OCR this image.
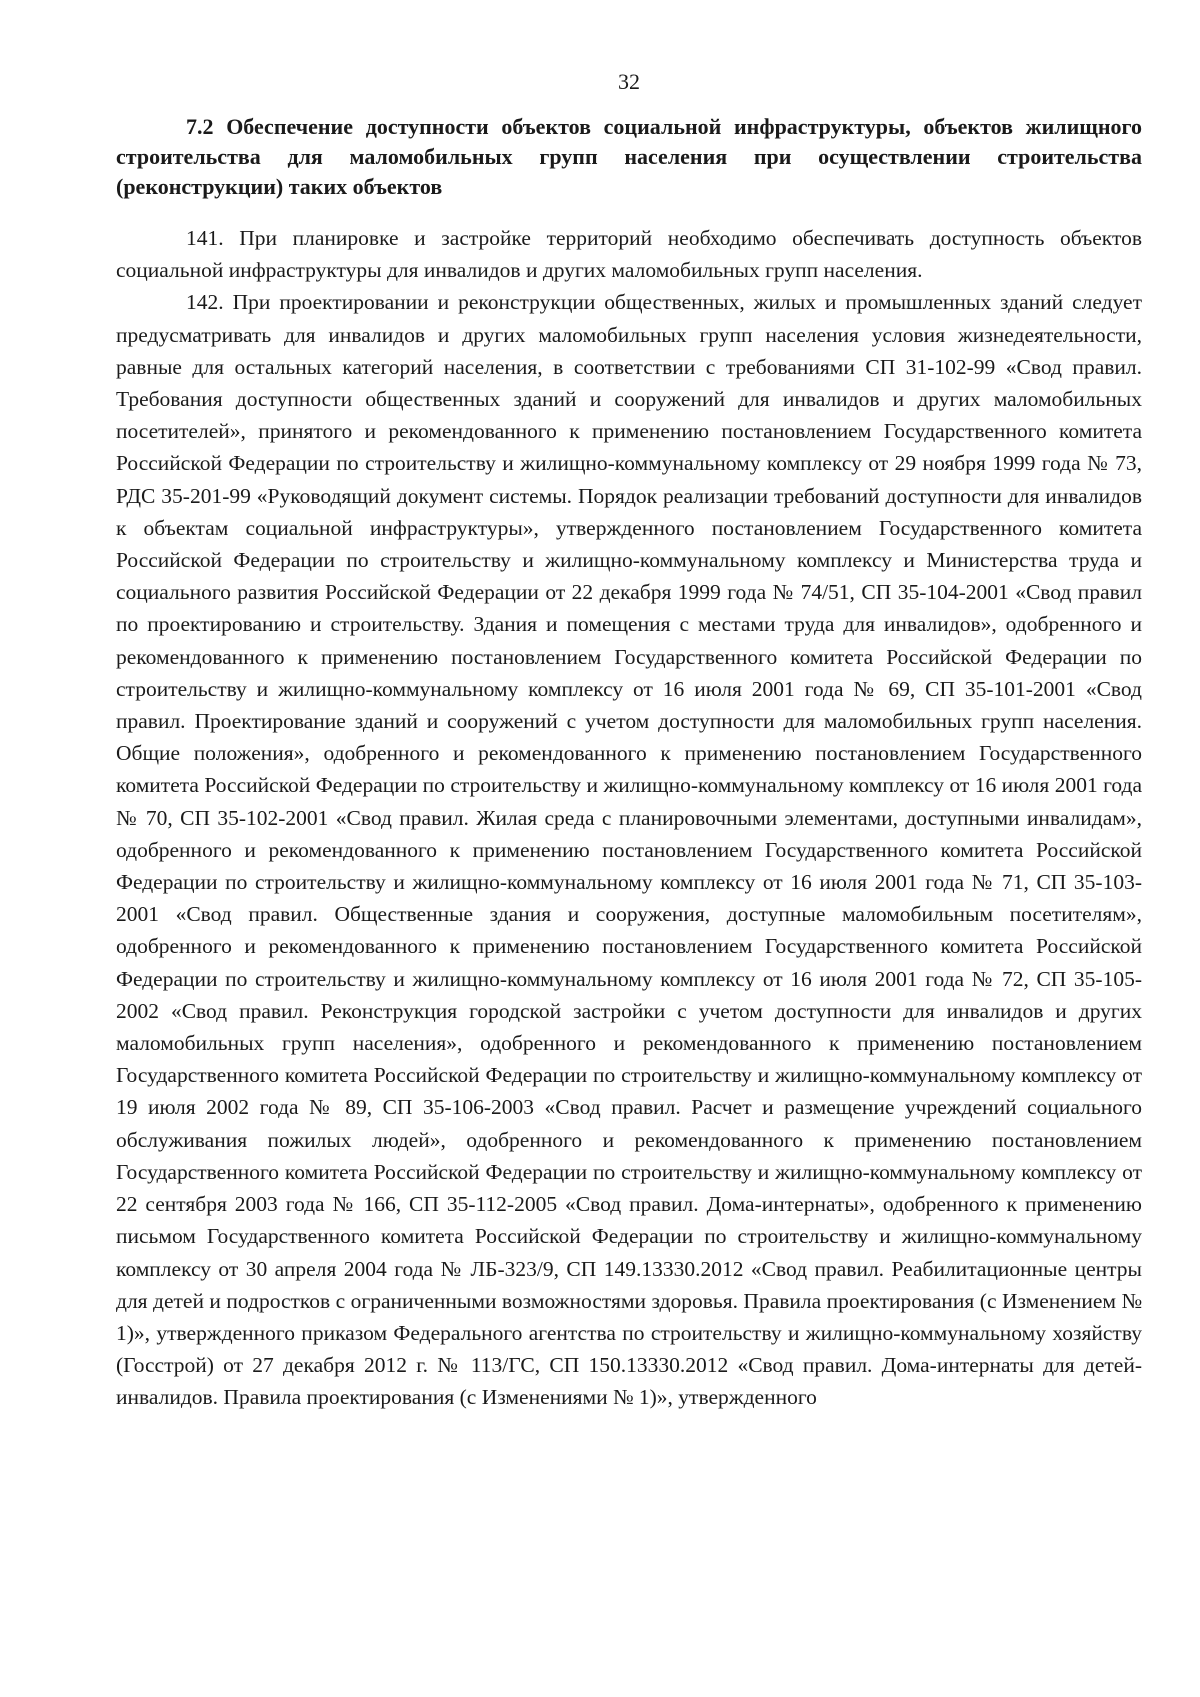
32
7.2 Обеспечение доступности объектов социальной инфраструктуры, объектов жилищного строительства для маломобильных групп населения при осуществлении строительства (реконструкции) таких объектов

141. При планировке и застройке территорий необходимо обеспечивать доступность объектов социальной инфраструктуры для инвалидов и других маломобильных групп населения.

142. При проектировании и реконструкции общественных, жилых и промышленных зданий следует предусматривать для инвалидов и других маломобильных групп населения условия жизнедеятельности, равные для остальных категорий населения, в соответствии с требованиями СП 31-102-99 «Свод правил. Требования доступности общественных зданий и сооружений для инвалидов и других маломобильных посетителей», принятого и рекомендованного к применению постановлением Государственного комитета Российской Федерации по строительству и жилищно-коммунальному комплексу от 29 ноября 1999 года № 73, РДС 35-201-99 «Руководящий документ системы. Порядок реализации требований доступности для инвалидов к объектам социальной инфраструктуры», утвержденного постановлением Государственного комитета Российской Федерации по строительству и жилищно-коммунальному комплексу и Министерства труда и социального развития Российской Федерации от 22 декабря 1999 года № 74/51, СП 35-104-2001 «Свод правил по проектированию и строительству. Здания и помещения с местами труда для инвалидов», одобренного и рекомендованного к применению постановлением Государственного комитета Российской Федерации по строительству и жилищно-коммунальному комплексу от 16 июля 2001 года № 69, СП 35-101-2001 «Свод правил. Проектирование зданий и сооружений с учетом доступности для маломобильных групп населения. Общие положения», одобренного и рекомендованного к применению постановлением Государственного комитета Российской Федерации по строительству и жилищно-коммунальному комплексу от 16 июля 2001 года № 70, СП 35-102-2001 «Свод правил. Жилая среда с планировочными элементами, доступными инвалидам», одобренного и рекомендованного к применению постановлением Государственного комитета Российской Федерации по строительству и жилищно-коммунальному комплексу от 16 июля 2001 года № 71, СП 35-103-2001 «Свод правил. Общественные здания и сооружения, доступные маломобильным посетителям», одобренного и рекомендованного к применению постановлением Государственного комитета Российской Федерации по строительству и жилищно-коммунальному комплексу от 16 июля 2001 года № 72, СП 35-105-2002 «Свод правил. Реконструкция городской застройки с учетом доступности для инвалидов и других маломобильных групп населения», одобренного и рекомендованного к применению постановлением Государственного комитета Российской Федерации по строительству и жилищно-коммунальному комплексу от 19 июля 2002 года № 89, СП 35-106-2003 «Свод правил. Расчет и размещение учреждений социального обслуживания пожилых людей», одобренного и рекомендованного к применению постановлением Государственного комитета Российской Федерации по строительству и жилищно-коммунальному комплексу от 22 сентября 2003 года № 166, СП 35-112-2005 «Свод правил. Дома-интернаты», одобренного к применению письмом Государственного комитета Российской Федерации по строительству и жилищно-коммунальному комплексу от 30 апреля 2004 года № ЛБ-323/9, СП 149.13330.2012 «Свод правил. Реабилитационные центры для детей и подростков с ограниченными возможностями здоровья. Правила проектирования (с Изменением № 1)», утвержденного приказом Федерального агентства по строительству и жилищно-коммунальному хозяйству (Госстрой) от 27 декабря 2012 г. № 113/ГС, СП 150.13330.2012 «Свод правил. Дома-интернаты для детей-инвалидов. Правила проектирования (с Изменениями № 1)», утвержденного
